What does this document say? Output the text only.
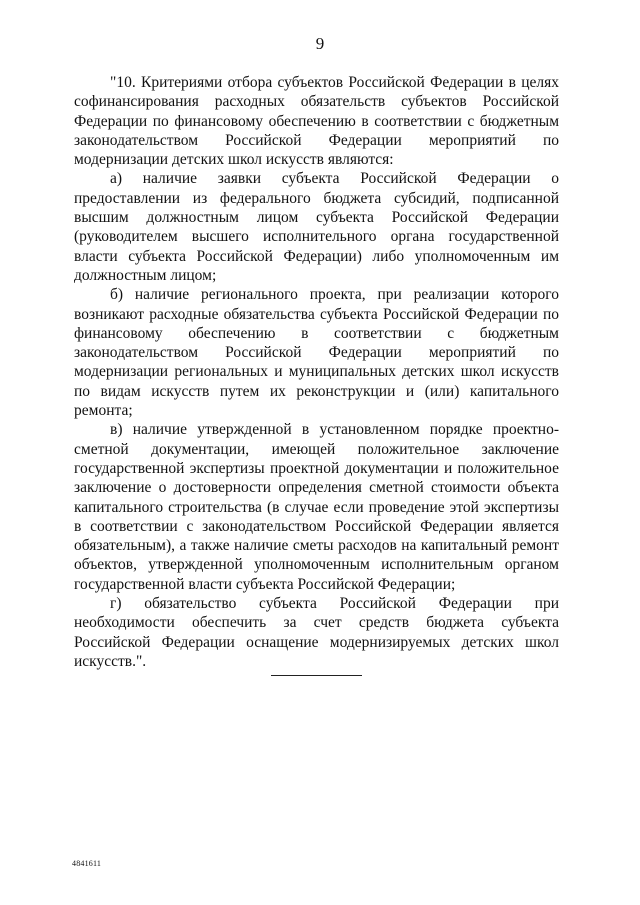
9

"10. Критериями отбора субъектов Российской Федерации в целях софинансирования расходных обязательств субъектов Российской Федерации по финансовому обеспечению в соответствии с бюджетным законодательством Российской Федерации мероприятий по модернизации детских школ искусств являются:

а) наличие заявки субъекта Российской Федерации о предоставлении из федерального бюджета субсидий, подписанной высшим должностным лицом субъекта Российской Федерации (руководителем высшего исполнительного органа государственной власти субъекта Российской Федерации) либо уполномоченным им должностным лицом;

б) наличие регионального проекта, при реализации которого возникают расходные обязательства субъекта Российской Федерации по финансовому обеспечению в соответствии с бюджетным законодательством Российской Федерации мероприятий по модернизации региональных и муниципальных детских школ искусств по видам искусств путем их реконструкции и (или) капитального ремонта;

в) наличие утвержденной в установленном порядке проектно-сметной документации, имеющей положительное заключение государственной экспертизы проектной документации и положительное заключение о достоверности определения сметной стоимости объекта капитального строительства (в случае если проведение этой экспертизы в соответствии с законодательством Российской Федерации является обязательным), а также наличие сметы расходов на капитальный ремонт объектов, утвержденной уполномоченным исполнительным органом государственной власти субъекта Российской Федерации;

г) обязательство субъекта Российской Федерации при необходимости обеспечить за счет средств бюджета субъекта Российской Федерации оснащение модернизируемых детских школ искусств.".

4841611
